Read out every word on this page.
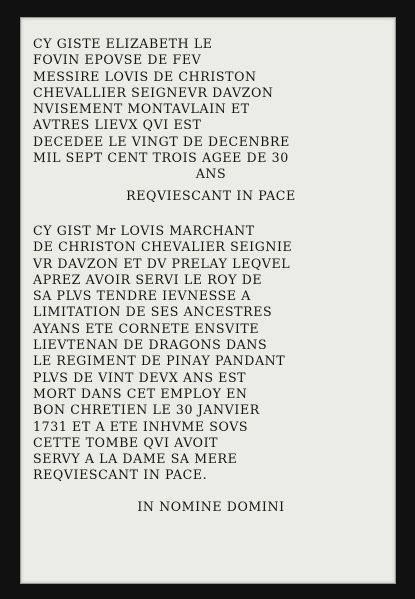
CY GISTE ELIZABETH LE
FOVIN EPOVSE DE FEV
MESSIRE LOVIS DE CHRISTON
CHEVALLIER SEIGNEVR DAVZON
NVISEMENT MONTAVLAIN ET
AVTRES LIEVX QVI EST
DECEDEE LE VINGT DE DECENBRE
MIL SEPT CENT TROIS AGEE DE 30
ANS
REQVIESCANT IN PACE
CY GIST Mr LOVIS MARCHANT
DE CHRISTON CHEVALIER SEIGNIE
VR DAVZON ET DV PRELAY LEQVEL
APREZ AVOIR SERVI LE ROY DE
SA PLVS TENDRE IEVNESSE A
LIMITATION DE SES ANCESTRES
AYANS ETE CORNETE ENSVITE
LIEVTENAN DE DRAGONS DANS
LE REGIMENT DE PINAY PANDANT
PLVS DE VINT DEVX ANS EST
MORT DANS CET EMPLOY EN
BON CHRETIEN LE 30 JANVIER
1731 ET A ETE INHVME SOVS
CETTE TOMBE QVI AVOIT
SERVY A LA DAME SA MERE
REQVIESCANT IN PACE.
IN NOMINE DOMINI
